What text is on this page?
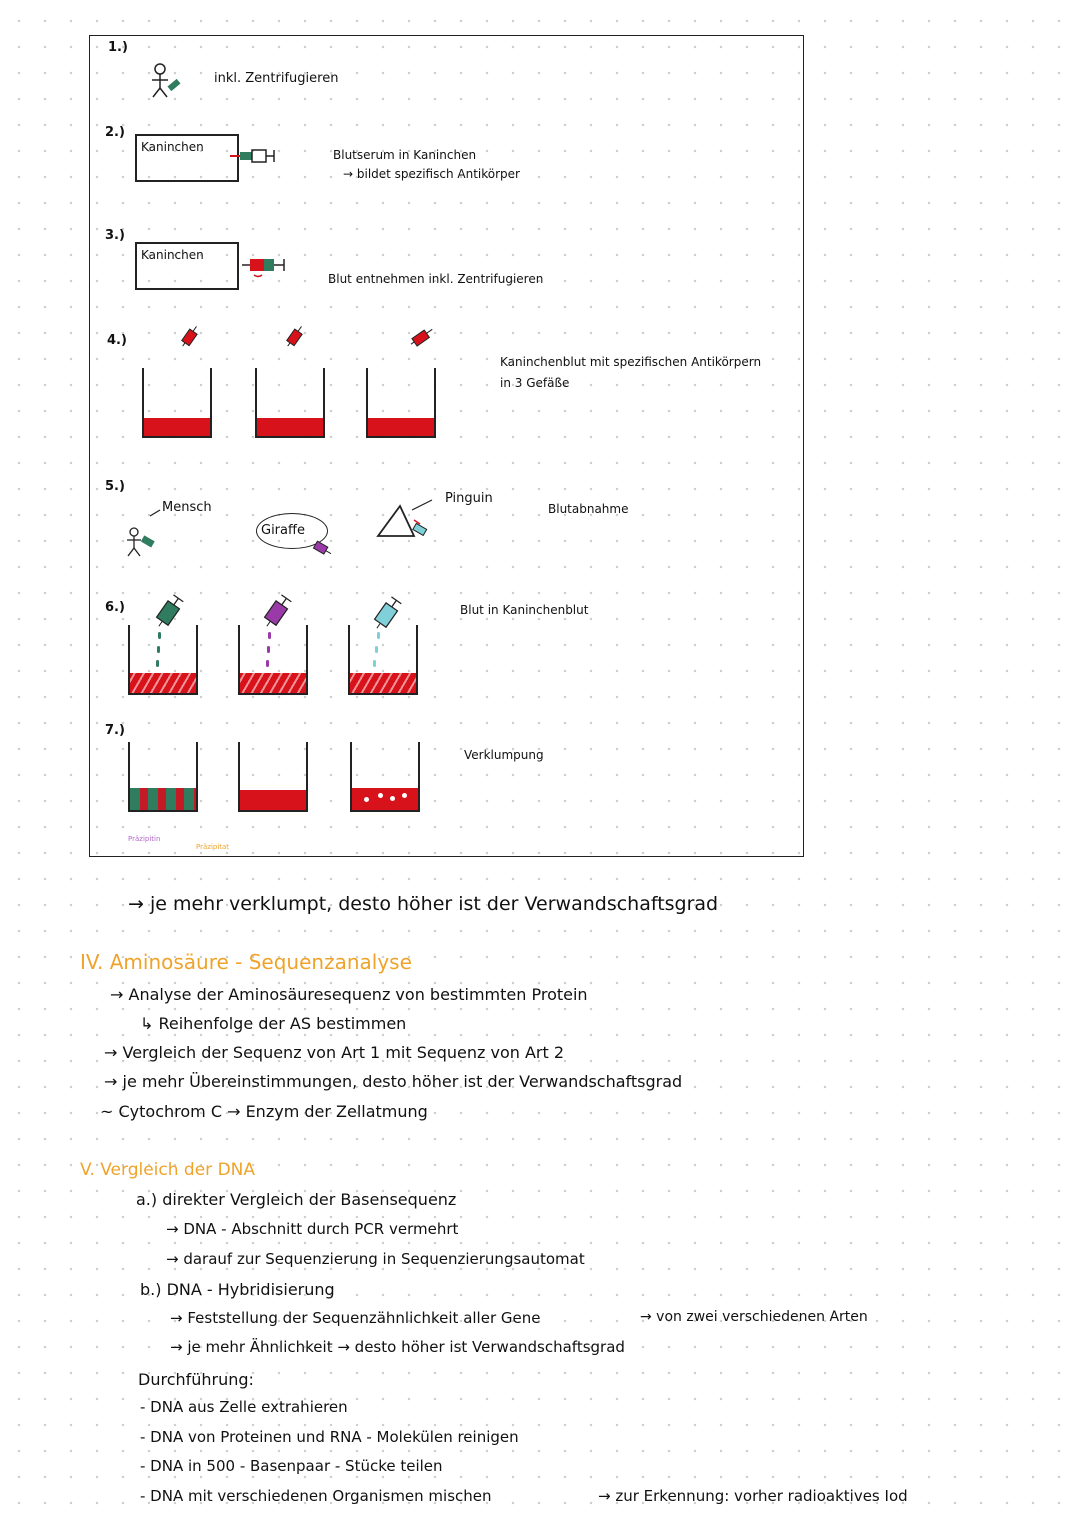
1.)
inkl. Zentrifugieren
2.)
Kaninchen
Blutserum in Kaninchen
→ bildet spezifisch Antikörper
3.)
Kaninchen
Blut entnehmen inkl. Zentrifugieren
4.)
Kaninchenblut mit spezifischen Antikörpern
in 3 Gefäße
5.)
Mensch
Giraffe
Pinguin
Blutabnahme
6.)	Blut in Kaninchenblut
7.)
Präzipitin
Präzipitat
Verklumpung
→ je mehr verklumpt, desto höher ist der Verwandschaftsgrad
IV. Aminosäure - Sequenzanalyse
→ Analyse der Aminosäuresequenz von bestimmten Protein
↳ Reihenfolge der AS bestimmen
→ Vergleich der Sequenz von Art 1 mit Sequenz von Art 2
→ je mehr Übereinstimmungen, desto höher ist der Verwandschaftsgrad
~ Cytochrom C → Enzym der Zellatmung
V. Vergleich der DNA
a.) direkter Vergleich der Basensequenz
→ DNA - Abschnitt durch PCR vermehrt
→ darauf zur Sequenzierung in Sequenzierungsautomat
b.) DNA - Hybridisierung
→ Feststellung der Sequenzähnlichkeit aller Gene	→ von zwei verschiedenen Arten
→ je mehr Ähnlichkeit → desto höher ist Verwandschaftsgrad
Durchführung:
- DNA aus Zelle extrahieren
- DNA von Proteinen und RNA - Molekülen reinigen
- DNA in 500 - Basenpaar - Stücke teilen
- DNA mit verschiedenen Organismen mischen	→ zur Erkennung: vorher radioaktives Iod
